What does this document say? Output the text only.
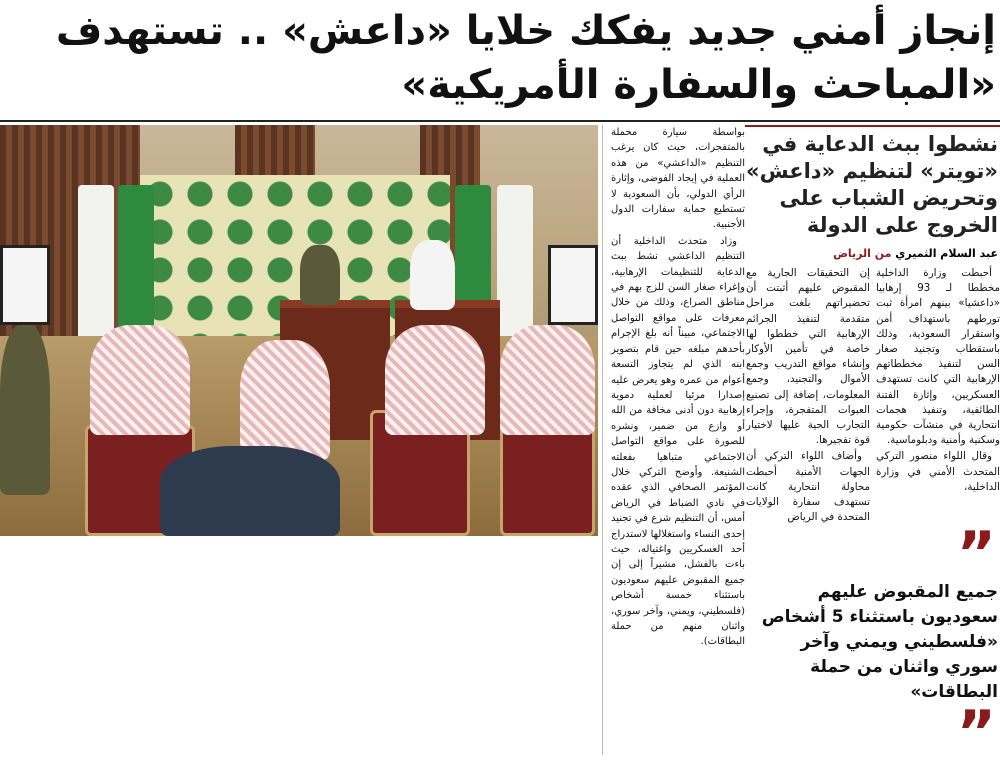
إنجاز أمني جديد يفكك خلايا «داعش» .. تستهدف «المباحث والسفارة الأمريكية»
نشطوا ببث الدعاية في «تويتر» لتنظيم «داعش» وتحريض الشباب على الخروج على الدولة
عبد السلام الثميري من الرياض

أحبطت وزارة الداخلية مخططا لـ 93 إرهابيا «داعشيا» بينهم امرأة ثبت تورطهم باستهداف أمن واستقرار السعودية، وذلك باستقطاب وتجنيد صغار السن لتنفيذ مخططاتهم الإرهابية التي كانت تستهدف العسكريين، وإثارة الفتنة الطائفية، وتنفيذ هجمات انتحارية في منشآت حكومية وسكنية وأمنية ودبلوماسية.

وقال اللواء منصور التركي المتحدث الأمني في وزارة الداخلية،

إن التحقيقات الجارية مع المقبوض عليهم أثبتت أن تحضيراتهم بلغت مراحل متقدمة لتنفيذ الجرائم الإرهابية التي خططوا لها خاصة في تأمين الأوكار وإنشاء مواقع التدريب وجمع الأموال والتجنيد، وجمع المعلومات، إضافة إلى تصنيع العبوات المتفجرة، وإجراء التجارب الحية عليها لاختيار قوة تفجيرها.

وأضاف اللواء التركي أن الجهات الأمنية أحبطت محاولة انتحارية كانت تستهدف سفارة الولايات المتحدة في الرياض

”
جميع المقبوض عليهم سعوديون باستثناء 5 أشخاص «فلسطيني ويمني وآخر سوري واثنان من حملة البطاقات»
”

بواسطة سيارة محملة بالمتفجرات، حيث كان يرغب التنظيم «الداعشي» من هذه العملية في إيجاد الفوضى، وإثارة الرأي الدولي، بأن السعودية لا تستطيع حماية سفارات الدول الأجنبية.

وزاد متحدث الداخلية أن التنظيم الداعشي نشط ببث الدعاية للتنظيمات الإرهابية، وإغراء صغار السن للزج بهم في مناطق الصراع، وذلك من خلال معرفات على مواقع التواصل الاجتماعي، مبيناً أنه بلغ الإجرام بأحدهم مبلغه حين قام بتصوير ابنه الذي لم يتجاوز التسعة أعوام من عمره وهو يعرض عليه إصدارا مرئيا لعملية دموية إرهابية دون أدنى مخافة من الله أو وازع من ضمير، ونشره للصورة على مواقع التواصل الاجتماعي متباهيا بفعلته الشنيعة. وأوضح التركي خلال المؤتمر الصحافي الذي عقده في نادي الضباط في الرياض أمس، أن التنظيم شرع في تجنيد إحدى النساء واستغلالها لاستدراج أحد العسكريين واغتياله، حيث باءت بالفشل، مشيراً إلى إن جميع المقبوض عليهم سعوديون باستثناء خمسة أشخاص (فلسطيني، ويمني، وآخر سوري، واثنان منهم من حملة البطاقات).
